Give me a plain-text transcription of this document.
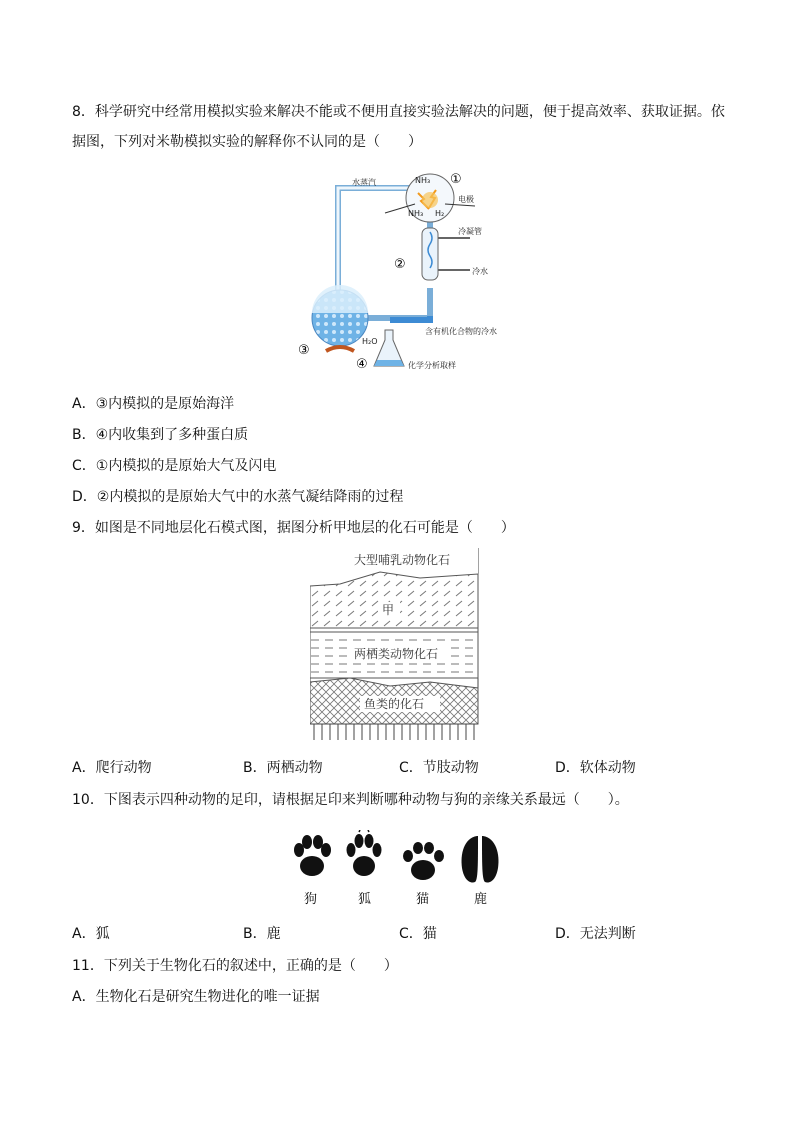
8．科学研究中经常用模拟实验来解决不能或不便用直接实验法解决的问题，便于提高效率、获取证据。依
据图，下列对米勒模拟实验的解释你不认同的是（　　）
NH₃
NH₃ H₂
①
电极
水蒸汽
②
冷凝管
冷水
③
H₂O
含有机化合物的冷水
④	化学分析取样
A．③内模拟的是原始海洋
B．④内收集到了多种蛋白质
C．①内模拟的是原始大气及闪电
D．②内模拟的是原始大气中的水蒸气凝结降雨的过程
9．如图是不同地层化石模式图，据图分析甲地层的化石可能是（　　）
大型哺乳动物化石
甲
两栖类动物化石
鱼类的化石
A．爬行动物	B．两栖动物	C．节肢动物	D．软体动物
10．下图表示四种动物的足印，请根据足印来判断哪种动物与狗的亲缘关系最远（　　）。
狗	狐	猫	鹿
A．狐	B．鹿	C．猫	D．无法判断
11．下列关于生物化石的叙述中，正确的是（　　）
A．生物化石是研究生物进化的唯一证据
